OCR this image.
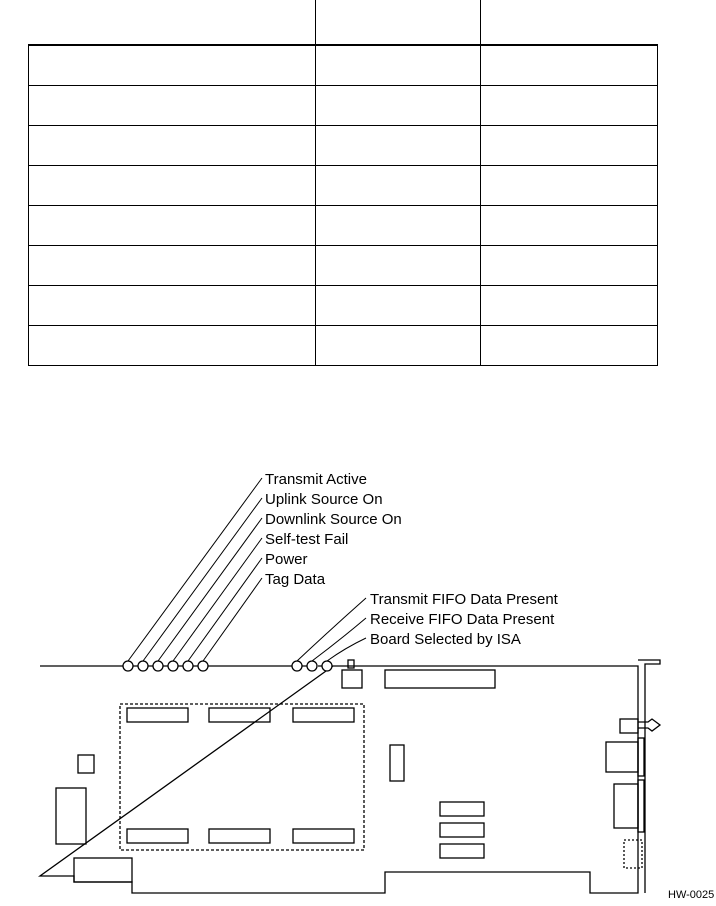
Transmit Active
Uplink Source On
Downlink Source On
Self-test Fail
Power
Tag Data
Transmit FIFO Data Present
Receive FIFO Data Present
Board Selected by ISA
HW-0025
